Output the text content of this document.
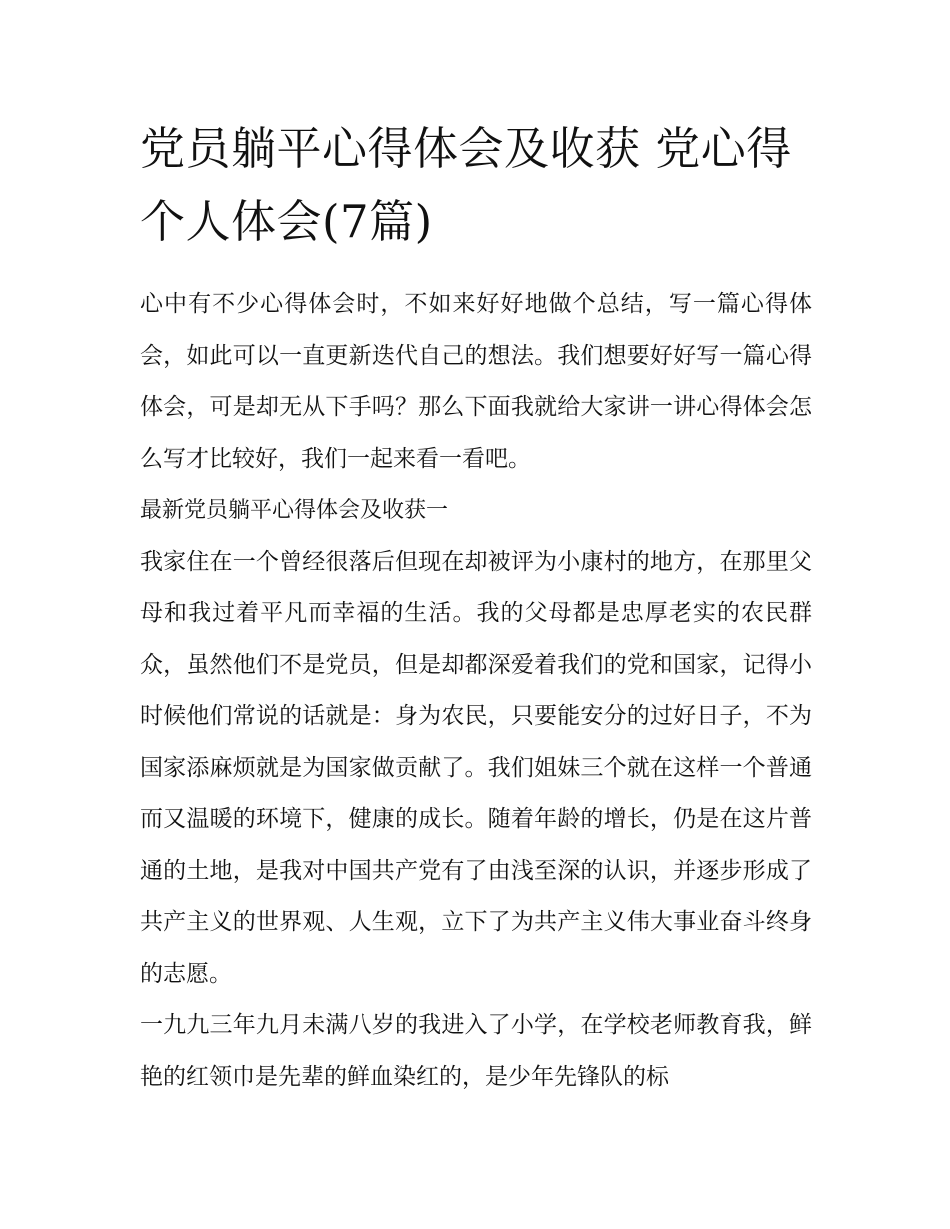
党员躺平心得体会及收获 党心得个人体会(7篇)

心中有不少心得体会时，不如来好好地做个总结，写一篇心得体会，如此可以一直更新迭代自己的想法。我们想要好好写一篇心得体会，可是却无从下手吗？那么下面我就给大家讲一讲心得体会怎么写才比较好，我们一起来看一看吧。

最新党员躺平心得体会及收获一

我家住在一个曾经很落后但现在却被评为小康村的地方，在那里父母和我过着平凡而幸福的生活。我的父母都是忠厚老实的农民群众，虽然他们不是党员，但是却都深爱着我们的党和国家，记得小时候他们常说的话就是：身为农民，只要能安分的过好日子，不为国家添麻烦就是为国家做贡献了。我们姐妹三个就在这样一个普通而又温暖的环境下，健康的成长。随着年龄的增长，仍是在这片普通的土地，是我对中国共产党有了由浅至深的认识，并逐步形成了共产主义的世界观、人生观，立下了为共产主义伟大事业奋斗终身的志愿。

一九九三年九月未满八岁的我进入了小学，在学校老师教育我，鲜艳的红领巾是先辈的鲜血染红的，是少年先锋队的标
